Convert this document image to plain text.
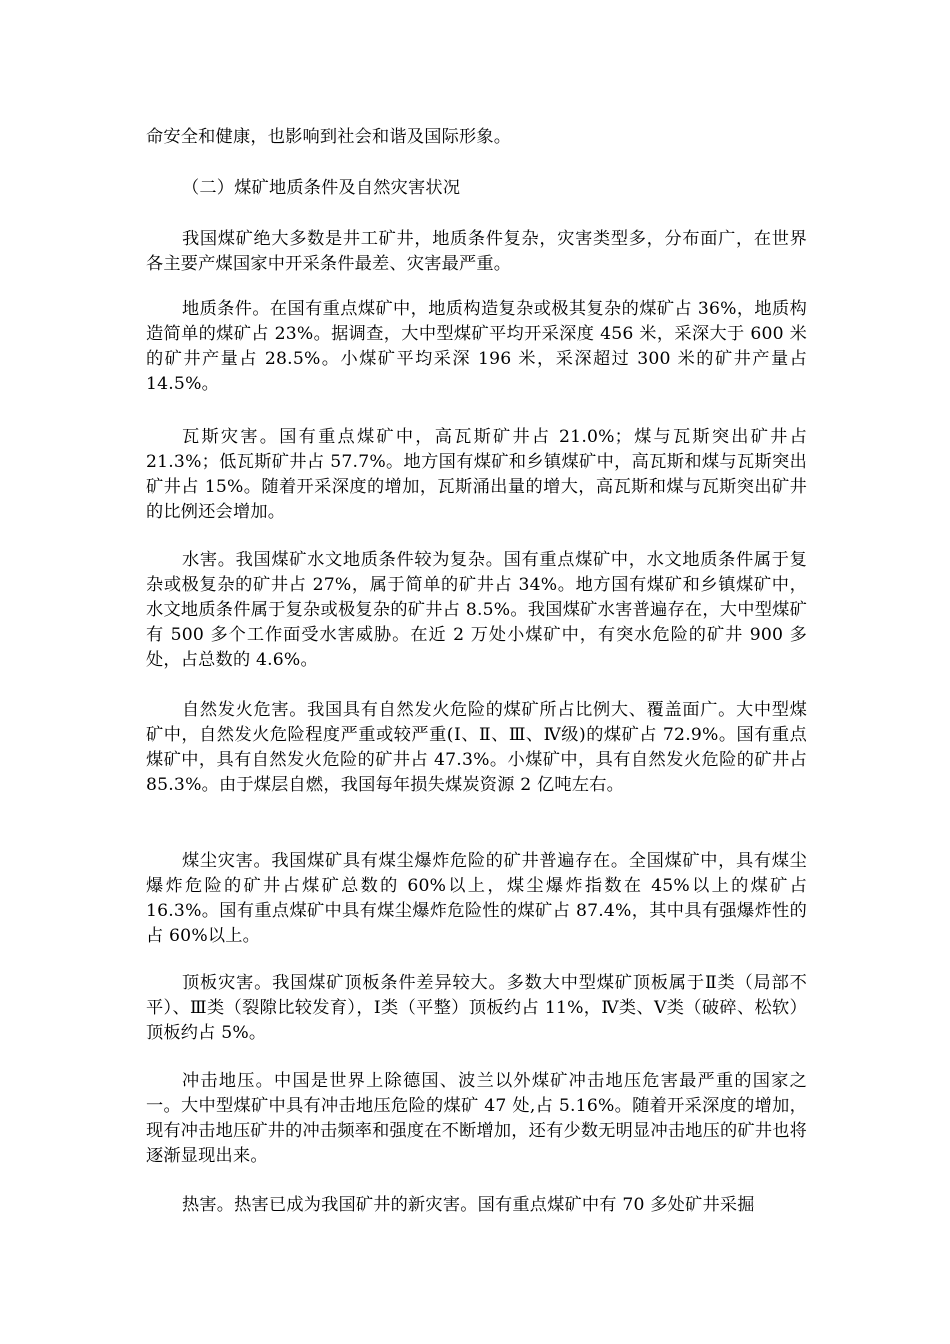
命安全和健康，也影响到社会和谐及国际形象。

（二）煤矿地质条件及自然灾害状况

我国煤矿绝大多数是井工矿井，地质条件复杂，灾害类型多，分布面广，在世界各主要产煤国家中开采条件最差、灾害最严重。

地质条件。在国有重点煤矿中，地质构造复杂或极其复杂的煤矿占 36%，地质构造简单的煤矿占 23%。据调查，大中型煤矿平均开采深度 456 米，采深大于 600 米的矿井产量占 28.5%。小煤矿平均采深 196 米，采深超过 300 米的矿井产量占 14.5%。

瓦斯灾害。国有重点煤矿中，高瓦斯矿井占 21.0%；煤与瓦斯突出矿井占 21.3%；低瓦斯矿井占 57.7%。地方国有煤矿和乡镇煤矿中，高瓦斯和煤与瓦斯突出矿井占 15%。随着开采深度的增加，瓦斯涌出量的增大，高瓦斯和煤与瓦斯突出矿井的比例还会增加。

水害。我国煤矿水文地质条件较为复杂。国有重点煤矿中，水文地质条件属于复杂或极复杂的矿井占 27%，属于简单的矿井占 34%。地方国有煤矿和乡镇煤矿中，水文地质条件属于复杂或极复杂的矿井占 8.5%。我国煤矿水害普遍存在，大中型煤矿有 500 多个工作面受水害威胁。在近 2 万处小煤矿中，有突水危险的矿井 900 多处，占总数的 4.6%。

自然发火危害。我国具有自然发火危险的煤矿所占比例大、覆盖面广。大中型煤矿中，自然发火危险程度严重或较严重(Ⅰ、Ⅱ、Ⅲ、Ⅳ级)的煤矿占 72.9%。国有重点煤矿中，具有自然发火危险的矿井占 47.3%。小煤矿中，具有自然发火危险的矿井占 85.3%。由于煤层自燃，我国每年损失煤炭资源 2 亿吨左右。

煤尘灾害。我国煤矿具有煤尘爆炸危险的矿井普遍存在。全国煤矿中，具有煤尘爆炸危险的矿井占煤矿总数的 60%以上，煤尘爆炸指数在 45%以上的煤矿占 16.3%。国有重点煤矿中具有煤尘爆炸危险性的煤矿占 87.4%，其中具有强爆炸性的占 60%以上。

顶板灾害。我国煤矿顶板条件差异较大。多数大中型煤矿顶板属于Ⅱ类（局部不平）、Ⅲ类（裂隙比较发育），Ⅰ类（平整）顶板约占 11%，Ⅳ类、Ⅴ类（破碎、松软）顶板约占 5%。

冲击地压。中国是世界上除德国、波兰以外煤矿冲击地压危害最严重的国家之一。大中型煤矿中具有冲击地压危险的煤矿 47 处,占 5.16%。随着开采深度的增加，现有冲击地压矿井的冲击频率和强度在不断增加，还有少数无明显冲击地压的矿井也将逐渐显现出来。

热害。热害已成为我国矿井的新灾害。国有重点煤矿中有 70 多处矿井采掘
